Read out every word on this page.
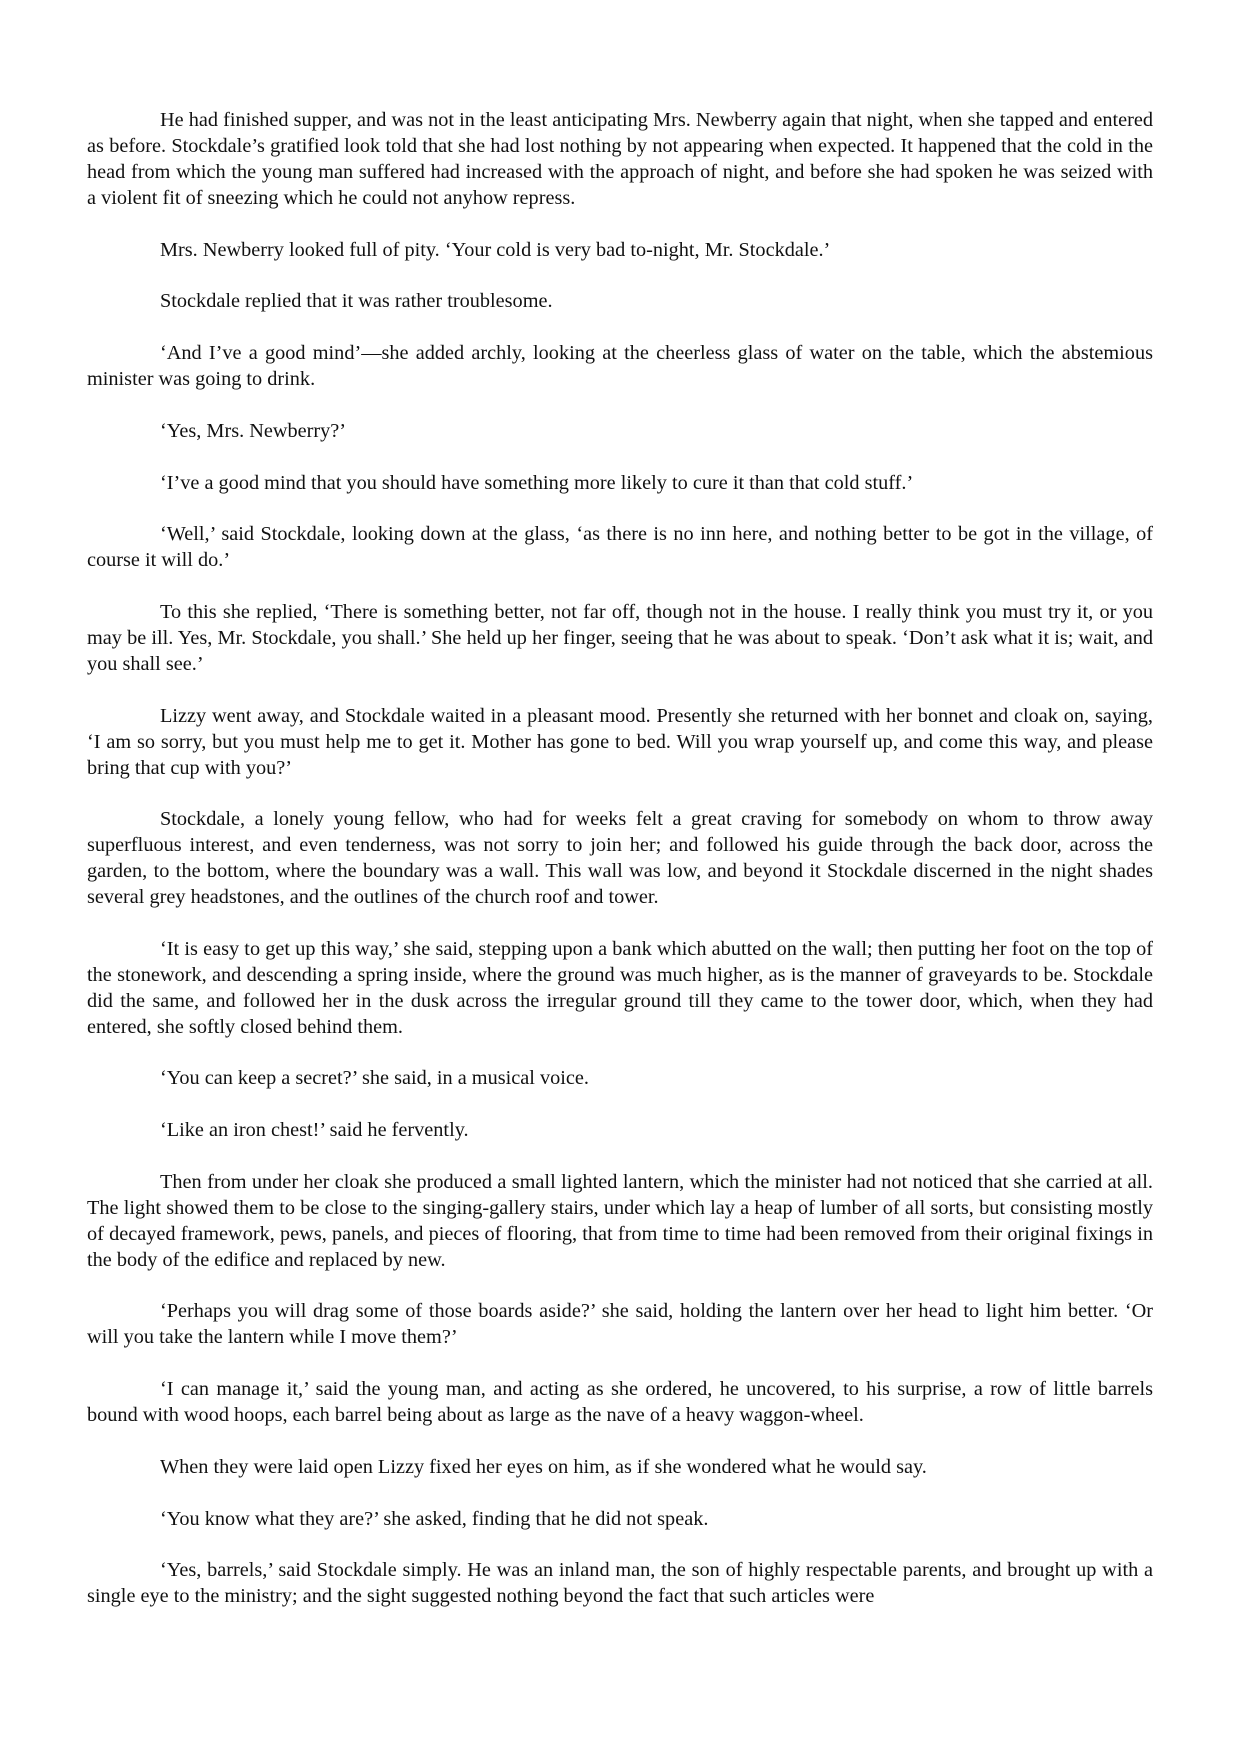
He had finished supper, and was not in the least anticipating Mrs. Newberry again that night, when she tapped and entered as before. Stockdale’s gratified look told that she had lost nothing by not appearing when expected. It happened that the cold in the head from which the young man suffered had increased with the approach of night, and before she had spoken he was seized with a violent fit of sneezing which he could not anyhow repress.

Mrs. Newberry looked full of pity. ‘Your cold is very bad to-night, Mr. Stockdale.’

Stockdale replied that it was rather troublesome.

‘And I’ve a good mind’—she added archly, looking at the cheerless glass of water on the table, which the abstemious minister was going to drink.

‘Yes, Mrs. Newberry?’

‘I’ve a good mind that you should have something more likely to cure it than that cold stuff.’

‘Well,’ said Stockdale, looking down at the glass, ‘as there is no inn here, and nothing better to be got in the village, of course it will do.’

To this she replied, ‘There is something better, not far off, though not in the house. I really think you must try it, or you may be ill. Yes, Mr. Stockdale, you shall.’ She held up her finger, seeing that he was about to speak. ‘Don’t ask what it is; wait, and you shall see.’

Lizzy went away, and Stockdale waited in a pleasant mood. Presently she returned with her bonnet and cloak on, saying, ‘I am so sorry, but you must help me to get it. Mother has gone to bed. Will you wrap yourself up, and come this way, and please bring that cup with you?’

Stockdale, a lonely young fellow, who had for weeks felt a great craving for somebody on whom to throw away superfluous interest, and even tenderness, was not sorry to join her; and followed his guide through the back door, across the garden, to the bottom, where the boundary was a wall. This wall was low, and beyond it Stockdale discerned in the night shades several grey headstones, and the outlines of the church roof and tower.

‘It is easy to get up this way,’ she said, stepping upon a bank which abutted on the wall; then putting her foot on the top of the stonework, and descending a spring inside, where the ground was much higher, as is the manner of graveyards to be. Stockdale did the same, and followed her in the dusk across the irregular ground till they came to the tower door, which, when they had entered, she softly closed behind them.

‘You can keep a secret?’ she said, in a musical voice.

‘Like an iron chest!’ said he fervently.

Then from under her cloak she produced a small lighted lantern, which the minister had not noticed that she carried at all. The light showed them to be close to the singing-gallery stairs, under which lay a heap of lumber of all sorts, but consisting mostly of decayed framework, pews, panels, and pieces of flooring, that from time to time had been removed from their original fixings in the body of the edifice and replaced by new.

‘Perhaps you will drag some of those boards aside?’ she said, holding the lantern over her head to light him better. ‘Or will you take the lantern while I move them?’

‘I can manage it,’ said the young man, and acting as she ordered, he uncovered, to his surprise, a row of little barrels bound with wood hoops, each barrel being about as large as the nave of a heavy waggon-wheel.

When they were laid open Lizzy fixed her eyes on him, as if she wondered what he would say.

‘You know what they are?’ she asked, finding that he did not speak.

‘Yes, barrels,’ said Stockdale simply. He was an inland man, the son of highly respectable parents, and brought up with a single eye to the ministry; and the sight suggested nothing beyond the fact that such articles were
